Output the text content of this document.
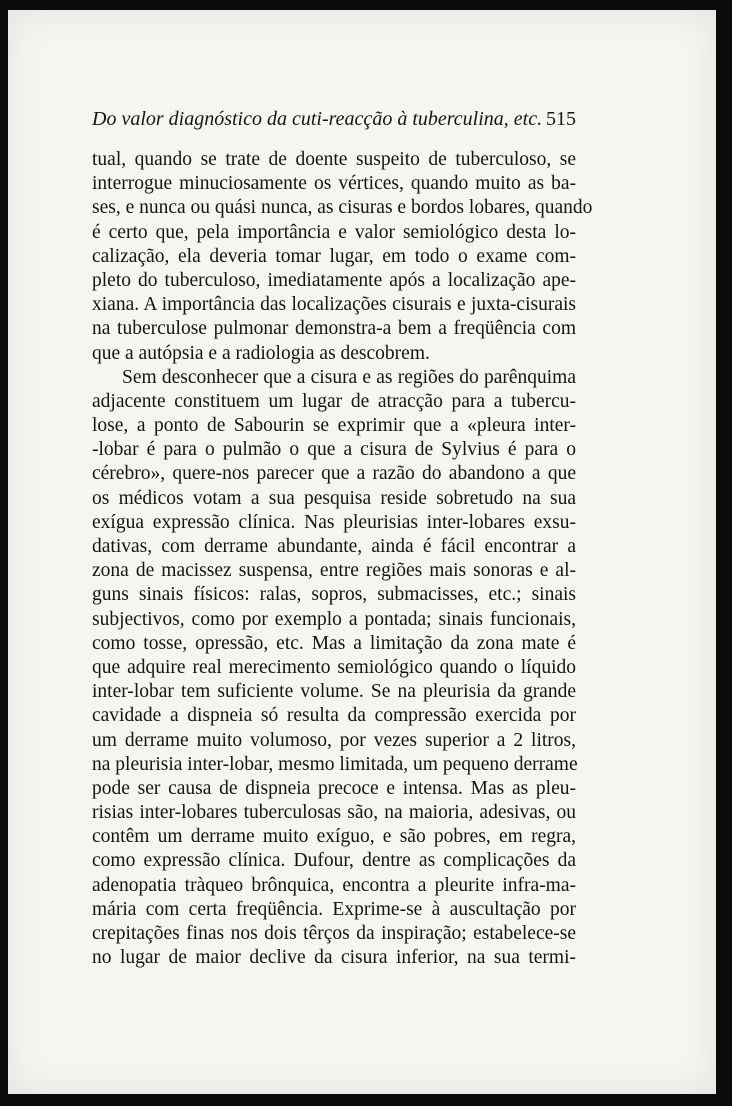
Do valor diagnóstico da cuti-reacção à tuberculina, etc. 515
tual, quando se trate de doente suspeito de tuberculoso, se
interrogue minuciosamente os vértices, quando muito as ba-
ses, e nunca ou quási nunca, as cisuras e bordos lobares, quando
é certo que, pela importância e valor semiológico desta lo-
calização, ela deveria tomar lugar, em todo o exame com-
pleto do tuberculoso, imediatamente após a localização ape-
xiana. A importância das localizações cisurais e juxta-cisurais
na tuberculose pulmonar demonstra-a bem a freqüência com
que a autópsia e a radiologia as descobrem.
Sem desconhecer que a cisura e as regiões do parênquima
adjacente constituem um lugar de atracção para a tubercu-
lose, a ponto de Sabourin se exprimir que a «pleura inter-
-lobar é para o pulmão o que a cisura de Sylvius é para o
cérebro», quere-nos parecer que a razão do abandono a que
os médicos votam a sua pesquisa reside sobretudo na sua
exígua expressão clínica. Nas pleurisias inter-lobares exsu-
dativas, com derrame abundante, ainda é fácil encontrar a
zona de macissez suspensa, entre regiões mais sonoras e al-
guns sinais físicos: ralas, sopros, submacisses, etc.; sinais
subjectivos, como por exemplo a pontada; sinais funcionais,
como tosse, opressão, etc. Mas a limitação da zona mate é
que adquire real merecimento semiológico quando o líquido
inter-lobar tem suficiente volume. Se na pleurisia da grande
cavidade a dispneia só resulta da compressão exercida por
um derrame muito volumoso, por vezes superior a 2 litros,
na pleurisia inter-lobar, mesmo limitada, um pequeno derrame
pode ser causa de dispneia precoce e intensa. Mas as pleu-
risias inter-lobares tuberculosas são, na maioria, adesivas, ou
contêm um derrame muito exíguo, e são pobres, em regra,
como expressão clínica. Dufour, dentre as complicações da
adenopatia tràqueo brônquica, encontra a pleurite infra-ma-
mária com certa freqüência. Exprime-se à auscultação por
crepitações finas nos dois têrços da inspiração; estabelece-se
no lugar de maior declive da cisura inferior, na sua termi-
